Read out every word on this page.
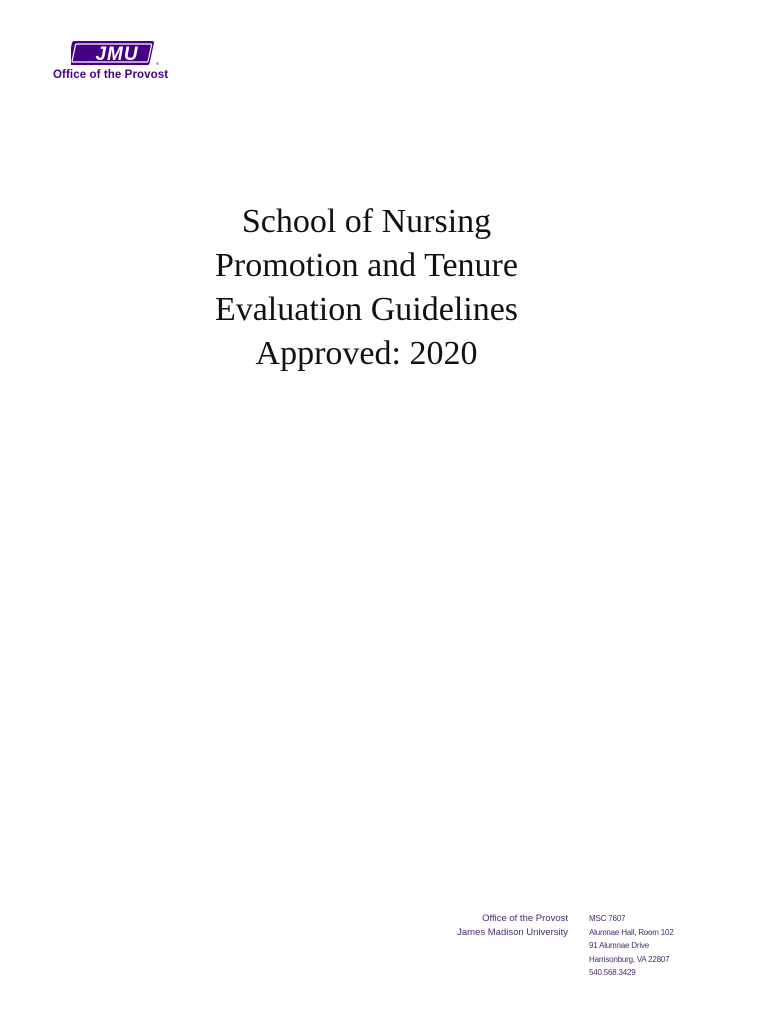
JMU	®
Office of the Provost
School of Nursing
Promotion and Tenure
Evaluation Guidelines
Approved: 2020
Office of the Provost
James Madison University
MSC 7607
Alumnae Hall, Room 102
91 Alumnae Drive
Harrisonburg, VA 22807
540.568.3429
